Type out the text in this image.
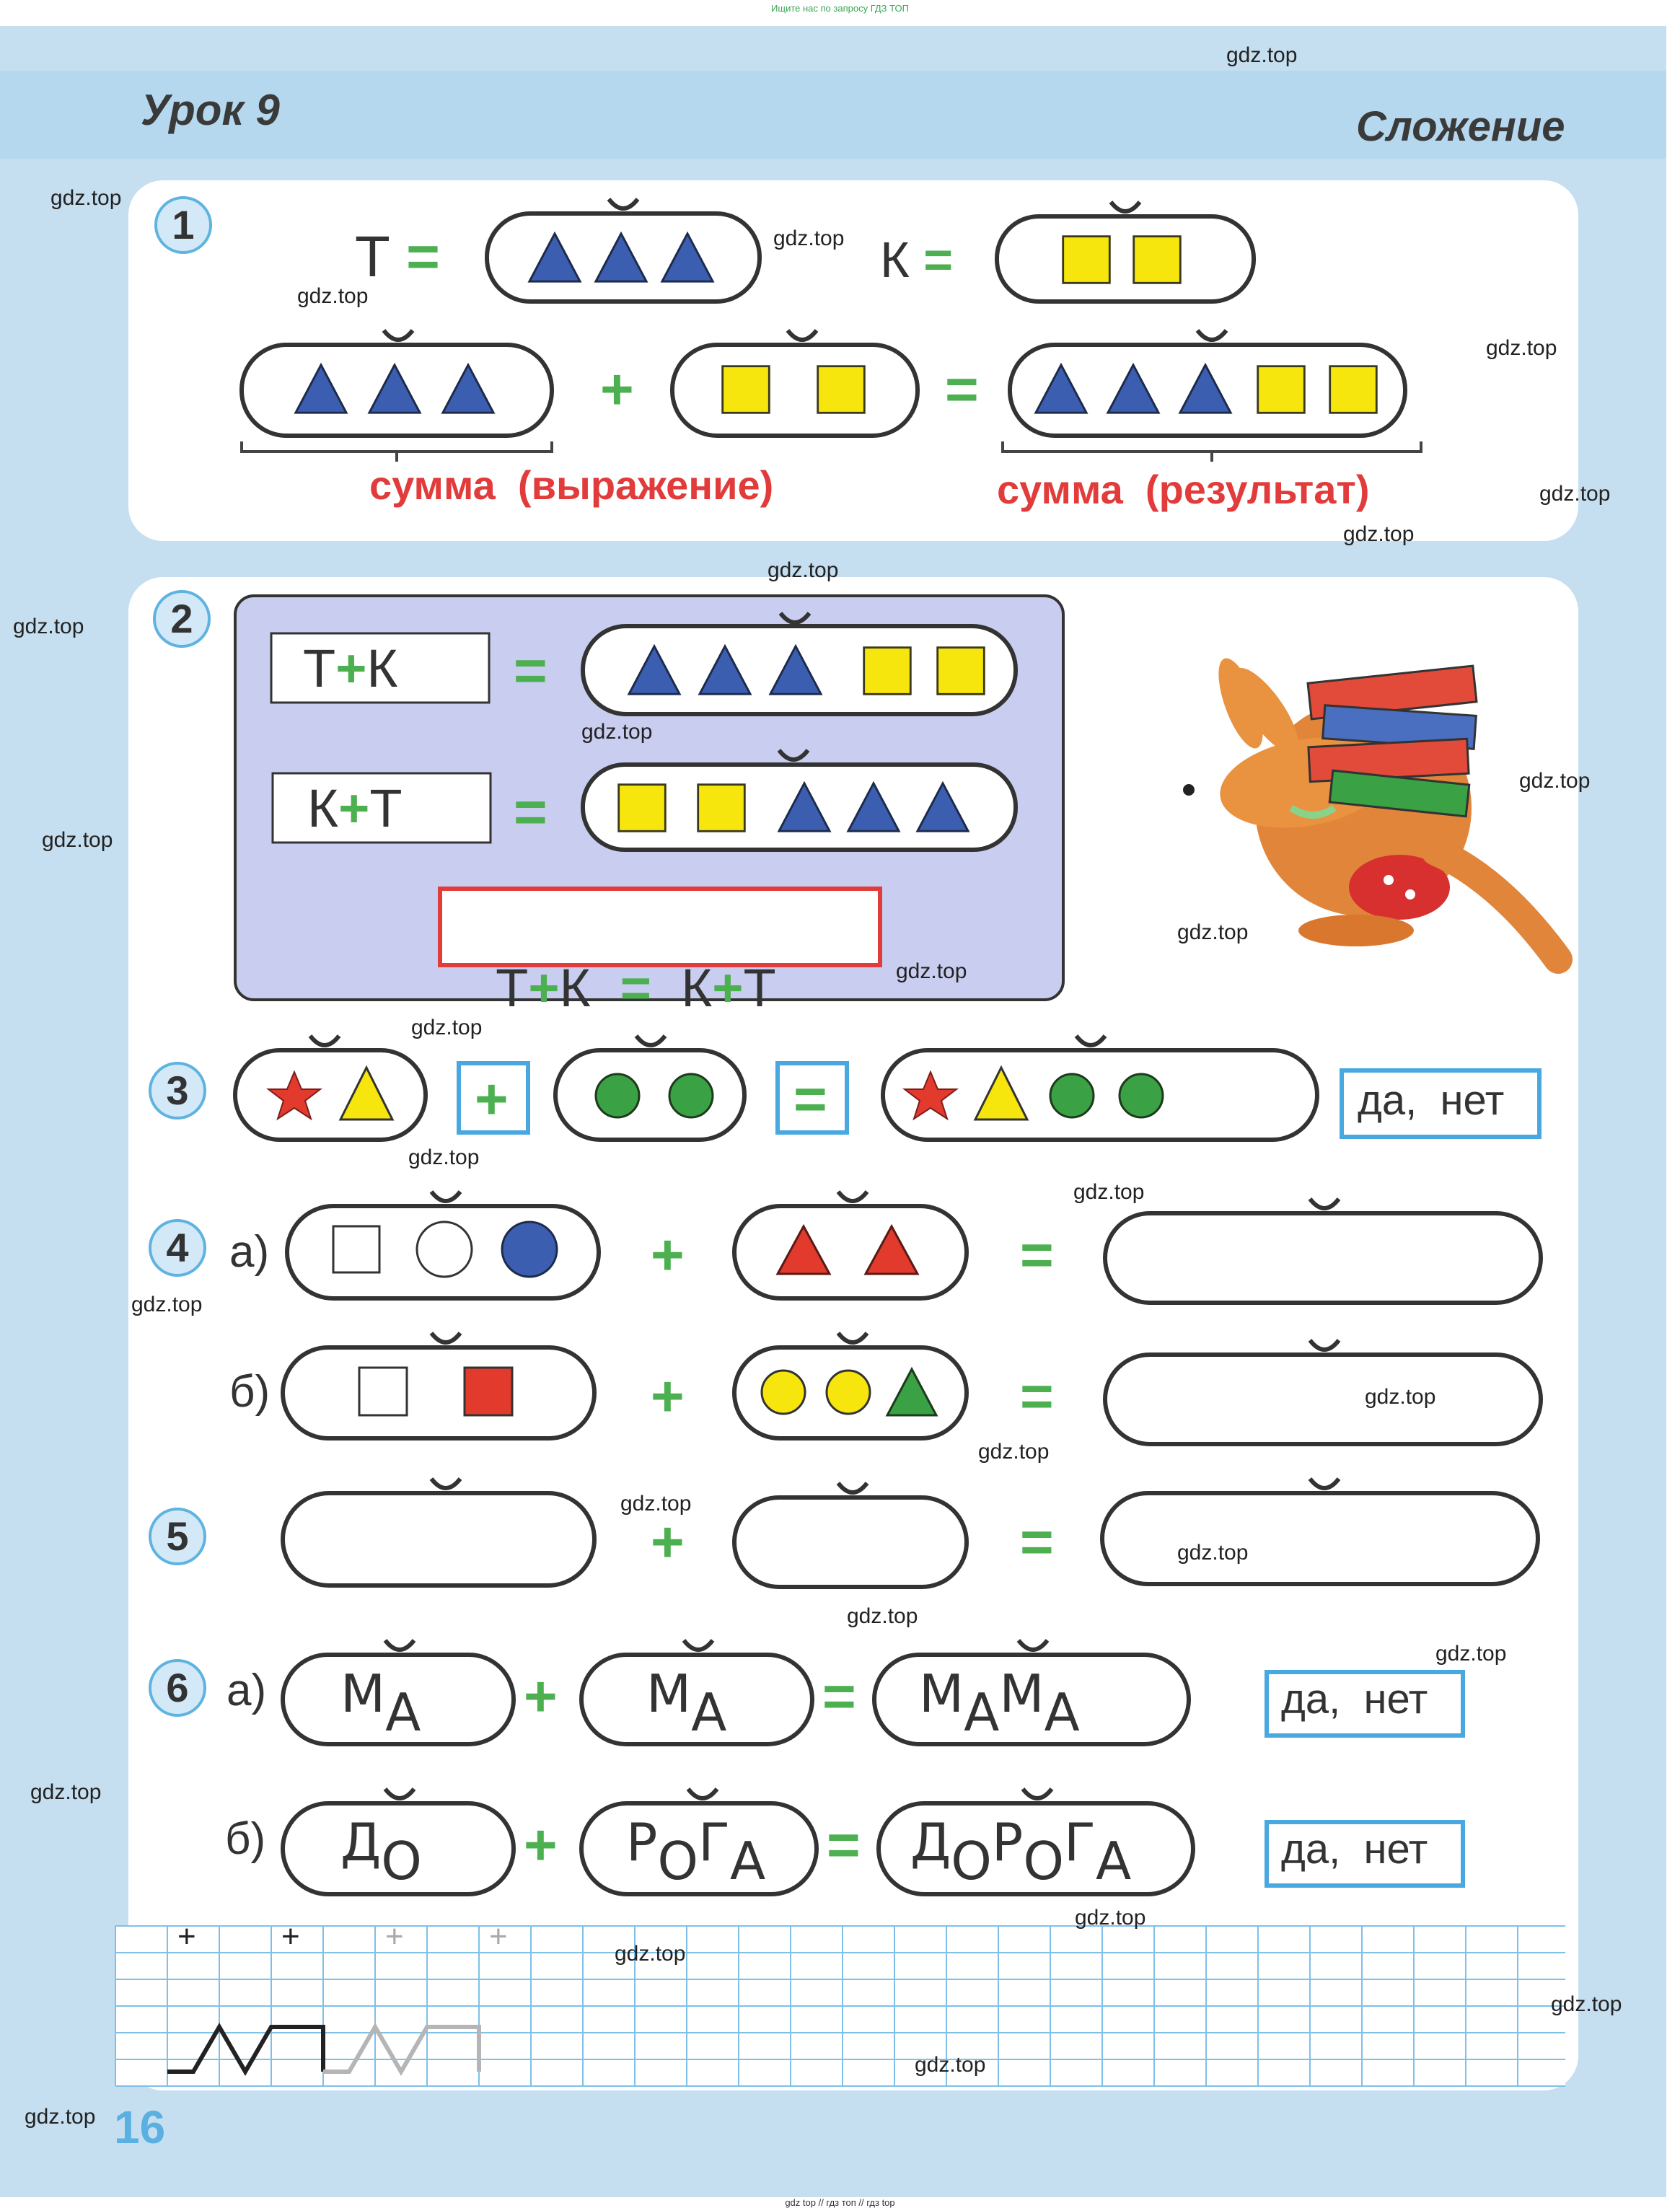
Ищите нас по запросу ГДЗ ТОП
Урок 9	Сложение
1
2
3
4
5
6
Т =	К =
+	=
сумма  (выражение)	сумма  (результат)
Т+К =
К+Т =

Т+К = К+Т

+	=	да,  нет
а)
б)
+	=
+	=
+	=
а)
б)
МА + МА = МАМА	да,  нет
ДО + РОГА = ДОРОГА	да,  нет
+	+	+	+
16
gdz.top
gdz.top
gdz.top
gdz.top
gdz.top
gdz.top
gdz.top
gdz.top
gdz.top
gdz.top
gdz.top
gdz.top
gdz.top
gdz.top
gdz.top
gdz.top
gdz.top
gdz.top
gdz.top
gdz.top
gdz.top
gdz.top
gdz.top
gdz.top
gdz.top
gdz.top
gdz.top
gdz.top
gdz.top
gdz.top
gdz top // гдз топ // гдз top
